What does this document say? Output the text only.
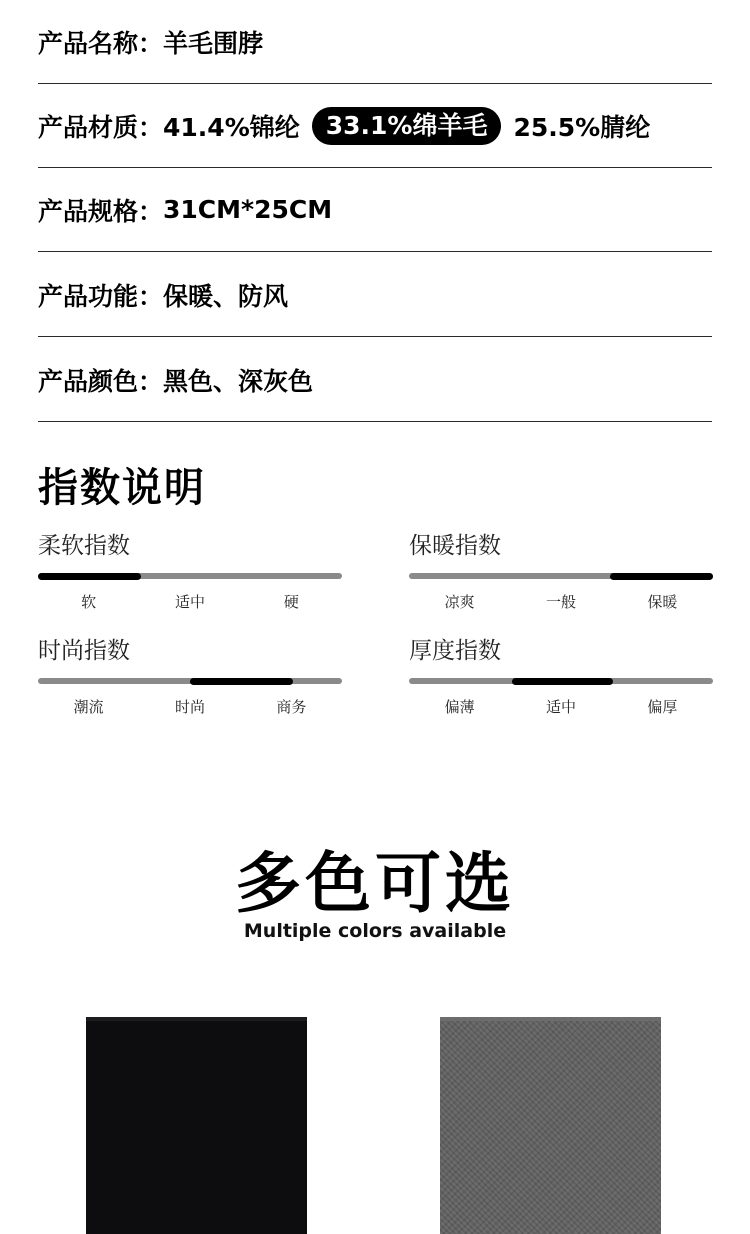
产品名称： 羊毛围脖
产品材质： 41.4%锦纶	33.1%绵羊毛	25.5%腈纶
产品规格： 31CM*25CM
产品功能： 保暖、防风
产品颜色： 黑色、深灰色
指数说明
柔软指数
软	适中	硬
保暖指数
凉爽	一般	保暖
时尚指数
潮流	时尚	商务
厚度指数
偏薄	适中	偏厚
多色可选
Multiple colors available
